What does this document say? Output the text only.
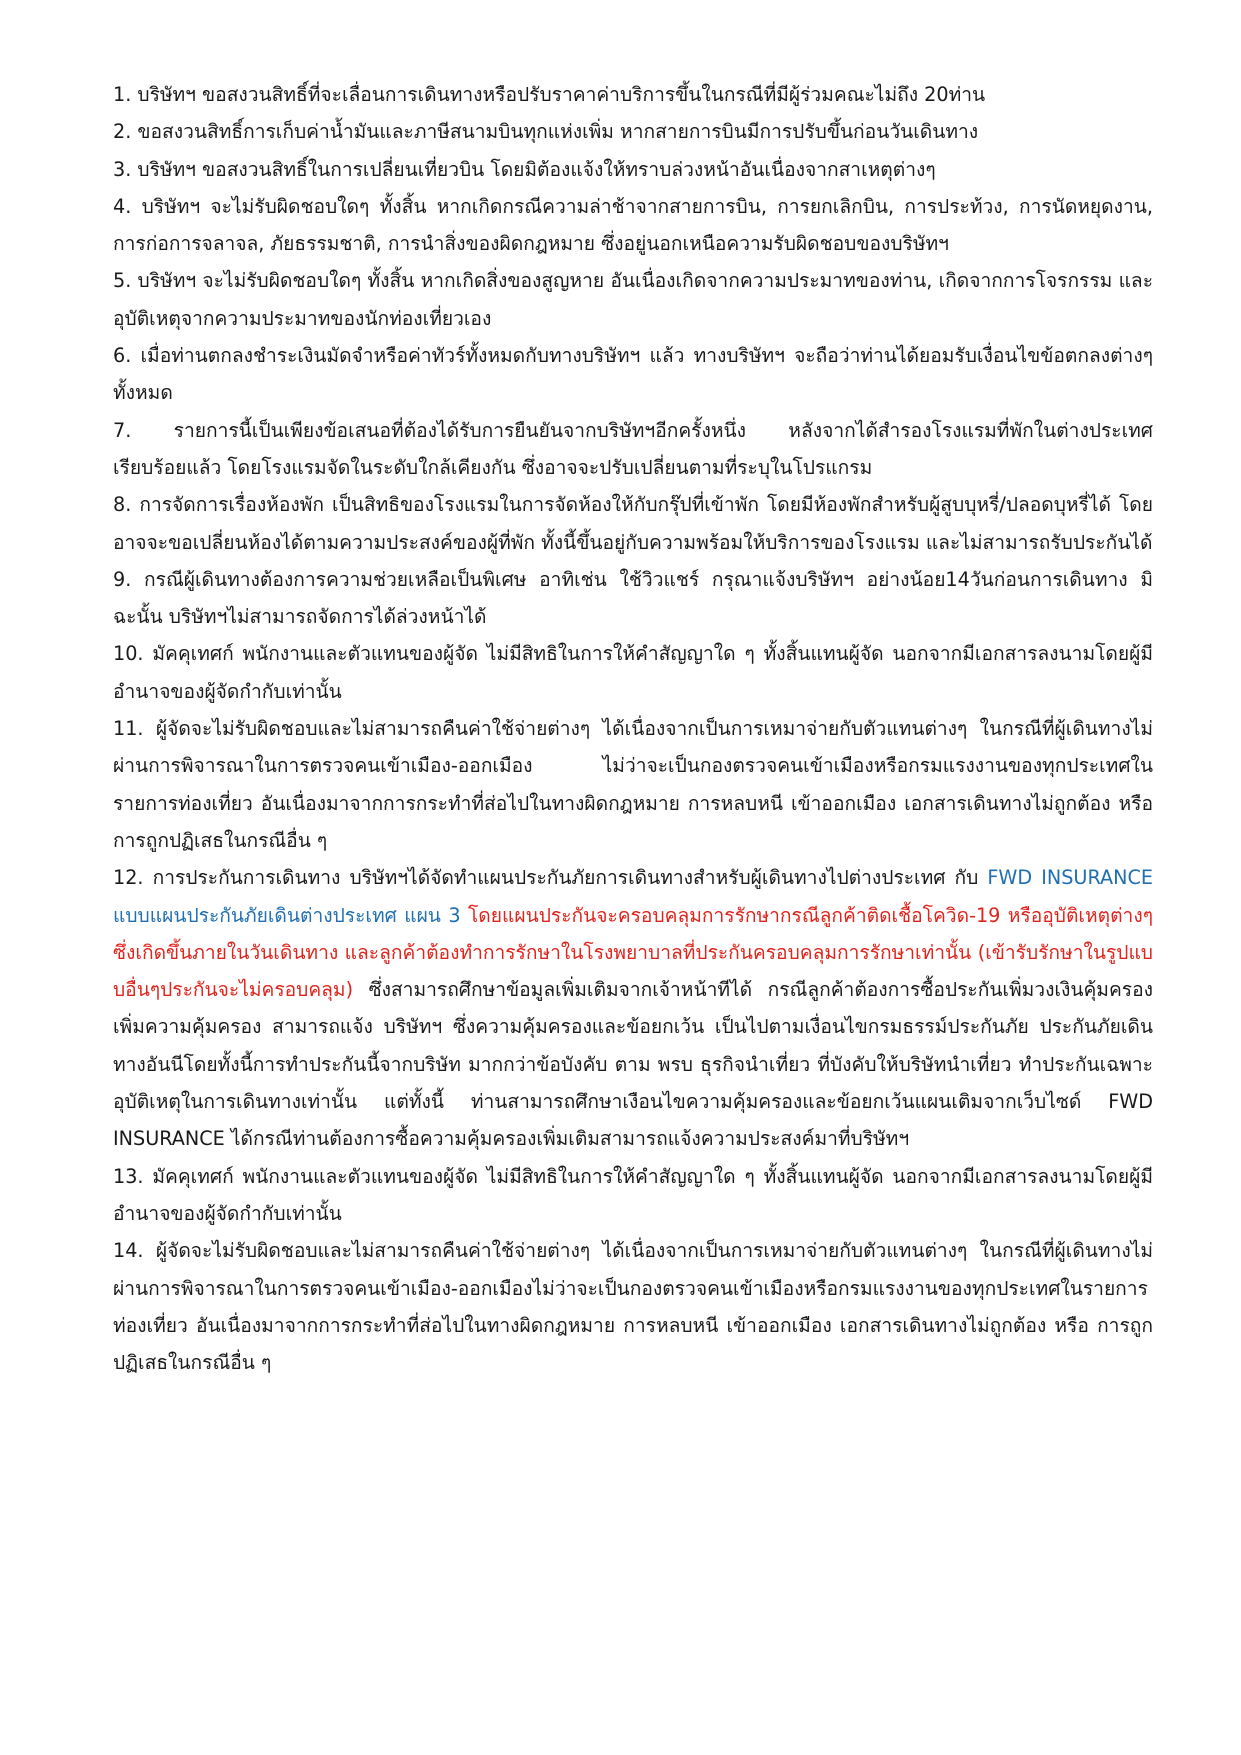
1. บริษัทฯ ขอสงวนสิทธิ์ที่จะเลื่อนการเดินทางหรือปรับราคาค่าบริการขึ้นในกรณีที่มีผู้ร่วมคณะไม่ถึง 20ท่าน

2. ขอสงวนสิทธิ์การเก็บค่าน้ำมันและภาษีสนามบินทุกแห่งเพิ่ม หากสายการบินมีการปรับขึ้นก่อนวันเดินทาง

3. บริษัทฯ ขอสงวนสิทธิ์ในการเปลี่ยนเที่ยวบิน โดยมิต้องแจ้งให้ทราบล่วงหน้าอันเนื่องจากสาเหตุต่างๆ

4. บริษัทฯ จะไม่รับผิดชอบใดๆ ทั้งสิ้น หากเกิดกรณีความล่าช้าจากสายการบิน, การยกเลิกบิน, การประท้วง, การนัดหยุดงาน, การก่อการจลาจล, ภัยธรรมชาติ, การนำสิ่งของผิดกฎหมาย ซึ่งอยู่นอกเหนือความรับผิดชอบของบริษัทฯ

5. บริษัทฯ จะไม่รับผิดชอบใดๆ ทั้งสิ้น หากเกิดสิ่งของสูญหาย อันเนื่องเกิดจากความประมาทของท่าน, เกิดจากการโจรกรรม และ อุบัติเหตุจากความประมาทของนักท่องเที่ยวเอง

6. เมื่อท่านตกลงชำระเงินมัดจำหรือค่าทัวร์ทั้งหมดกับทางบริษัทฯ แล้ว ทางบริษัทฯ จะถือว่าท่านได้ยอมรับเงื่อนไขข้อตกลงต่างๆ ทั้งหมด

7. รายการนี้เป็นเพียงข้อเสนอที่ต้องได้รับการยืนยันจากบริษัทฯอีกครั้งหนึ่ง หลังจากได้สำรองโรงแรมที่พักในต่างประเทศเรียบร้อยแล้ว โดยโรงแรมจัดในระดับใกล้เคียงกัน ซึ่งอาจจะปรับเปลี่ยนตามที่ระบุในโปรแกรม

8. การจัดการเรื่องห้องพัก เป็นสิทธิของโรงแรมในการจัดห้องให้กับกรุ๊ปที่เข้าพัก โดยมีห้องพักสำหรับผู้สูบบุหรี่/ปลอดบุหรี่ได้ โดยอาจจะขอเปลี่ยนห้องได้ตามความประสงค์ของผู้ที่พัก ทั้งนี้ขึ้นอยู่กับความพร้อมให้บริการของโรงแรม และไม่สามารถรับประกันได้

9. กรณีผู้เดินทางต้องการความช่วยเหลือเป็นพิเศษ อาทิเช่น ใช้วิวแชร์ กรุณาแจ้งบริษัทฯ อย่างน้อย14วันก่อนการเดินทาง มิฉะนั้น บริษัทฯไม่สามารถจัดการได้ล่วงหน้าได้

10. มัคคุเทศก์ พนักงานและตัวแทนของผู้จัด ไม่มีสิทธิในการให้คำสัญญาใด ๆ ทั้งสิ้นแทนผู้จัด นอกจากมีเอกสารลงนามโดยผู้มีอำนาจของผู้จัดกำกับเท่านั้น

11. ผู้จัดจะไม่รับผิดชอบและไม่สามารถคืนค่าใช้จ่ายต่างๆ ได้เนื่องจากเป็นการเหมาจ่ายกับตัวแทนต่างๆ ในกรณีที่ผู้เดินทางไม่ผ่านการพิจารณาในการตรวจคนเข้าเมือง-ออกเมือง ไม่ว่าจะเป็นกองตรวจคนเข้าเมืองหรือกรมแรงงานของทุกประเทศในรายการท่องเที่ยว อันเนื่องมาจากการกระทำที่ส่อไปในทางผิดกฎหมาย การหลบหนี เข้าออกเมือง เอกสารเดินทางไม่ถูกต้อง หรือ การถูกปฏิเสธในกรณีอื่น ๆ

12. การประกันการเดินทาง บริษัทฯได้จัดทำแผนประกันภัยการเดินทางสำหรับผู้เดินทางไปต่างประเทศ กับ FWD INSURANCE แบบแผนประกันภัยเดินต่างประเทศ แผน 3 โดยแผนประกันจะครอบคลุมการรักษากรณีลูกค้าติดเชื้อโควิด-19 หรืออุบัติเหตุต่างๆ ซึ่งเกิดขึ้นภายในวันเดินทาง และลูกค้าต้องทำการรักษาในโรงพยาบาลที่ประกันครอบคลุมการรักษาเท่านั้น (เข้ารับรักษาในรูปแบบอื่นๆประกันจะไม่ครอบคลุม) ซึ่งสามารถศึกษาข้อมูลเพิ่มเติมจากเจ้าหน้าทีได้ กรณีลูกค้าต้องการซื้อประกันเพิ่มวงเงินคุ้มครอง เพิ่มความคุ้มครอง สามารถแจ้ง บริษัทฯ ซึ่งความคุ้มครองและข้อยกเว้น เป็นไปตามเงื่อนไขกรมธรรม์ประกันภัย ประกันภัยเดินทางอันนีโดยทั้งนี้การทำประกันนี้จากบริษัท มากกว่าข้อบังคับ ตาม พรบ ธุรกิจนำเที่ยว ที่บังคับให้บริษัทนำเที่ยว ทำประกันเฉพาะอุบัติเหตุในการเดินทางเท่านั้น แต่ทั้งนี้ ท่านสามารถศึกษาเงือนไขความคุ้มครองและข้อยกเว้นแผนเติมจากเว็บไซด์ FWD INSURANCE ได้กรณีท่านต้องการซื้อความคุ้มครองเพิ่มเติมสามารถแจ้งความประสงค์มาที่บริษัทฯ

13. มัคคุเทศก์ พนักงานและตัวแทนของผู้จัด ไม่มีสิทธิในการให้คำสัญญาใด ๆ ทั้งสิ้นแทนผู้จัด นอกจากมีเอกสารลงนามโดยผู้มีอำนาจของผู้จัดกำกับเท่านั้น

14. ผู้จัดจะไม่รับผิดชอบและไม่สามารถคืนค่าใช้จ่ายต่างๆ ได้เนื่องจากเป็นการเหมาจ่ายกับตัวแทนต่างๆ ในกรณีที่ผู้เดินทางไม่ผ่านการพิจารณาในการตรวจคนเข้าเมือง-ออกเมืองไม่ว่าจะเป็นกองตรวจคนเข้าเมืองหรือกรมแรงงานของทุกประเทศในรายการท่องเที่ยว อันเนื่องมาจากการกระทำที่ส่อไปในทางผิดกฎหมาย การหลบหนี เข้าออกเมือง เอกสารเดินทางไม่ถูกต้อง หรือ การถูกปฏิเสธในกรณีอื่น ๆ
